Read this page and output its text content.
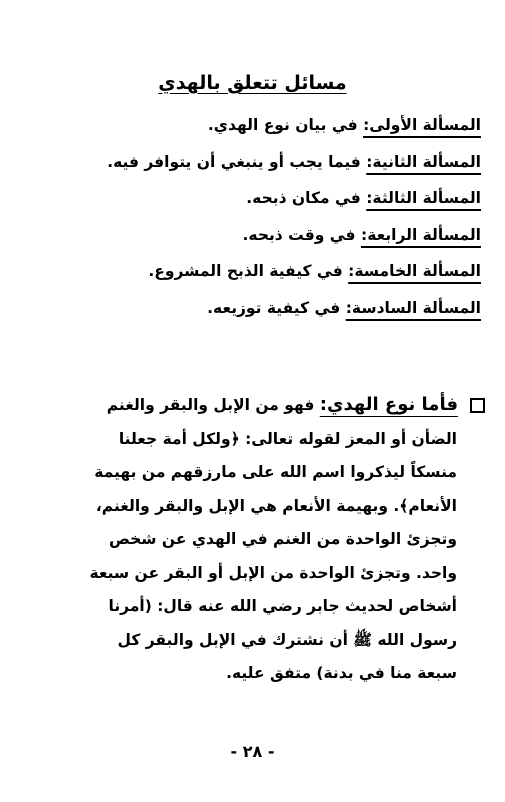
مسائل تتعلق بالهدي
المسألة الأولى: في بيان نوع الهدي.
المسألة الثانية: فيما يجب أو ينبغي أن يتوافر فيه.
المسألة الثالثة: في مكان ذبحه.
المسألة الرابعة: في وقت ذبحه.
المسألة الخامسة: في كيفية الذبح المشروع.
المسألة السادسة: في كيفية توزيعه.
فأما نوع الهدي: فهو من الإبل والبقر والغنم
الضأن أو المعز لقوله تعالى: ﴿ولكل أمة جعلنا
منسكاً ليذكروا اسم الله على مارزقهم من بهيمة
الأنعام﴾. وبهيمة الأنعام هي الإبل والبقر والغنم،
وتجزئ الواحدة من الغنم في الهدي عن شخص
واحد. وتجزئ الواحدة من الإبل أو البقر عن سبعة
أشخاص لحديث جابر رضي الله عنه قال: (أمرنا
رسول الله ﷺ أن نشترك في الإبل والبقر كل
سبعة منا في بدنة) متفق عليه.
- ٢٨ -
